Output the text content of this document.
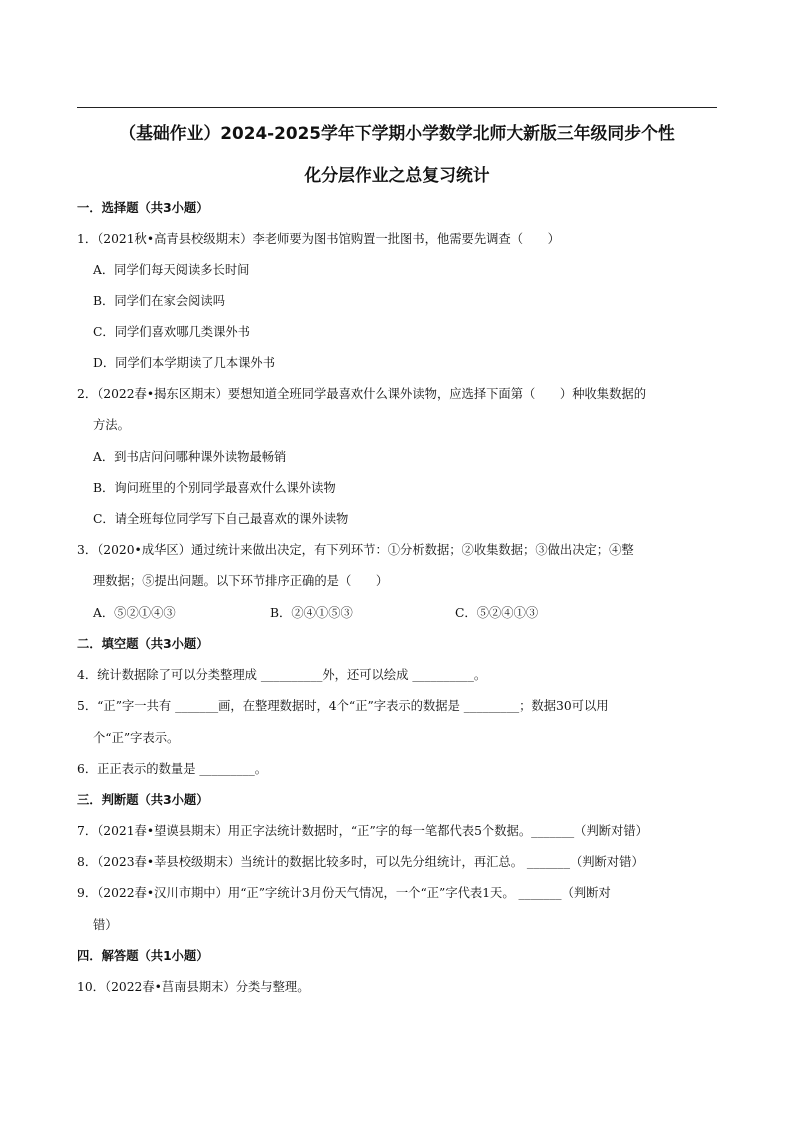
（基础作业）2024-2025学年下学期小学数学北师大新版三年级同步个性
化分层作业之总复习统计
一．选择题（共3小题）
1．（2021秋•高青县校级期末）李老师要为图书馆购置一批图书，他需要先调查（　　）
A．同学们每天阅读多长时间
B．同学们在家会阅读吗
C．同学们喜欢哪几类课外书
D．同学们本学期读了几本课外书
2．（2022春•揭东区期末）要想知道全班同学最喜欢什么课外读物，应选择下面第（　　）种收集数据的
方法。
A．到书店问问哪种课外读物最畅销
B．询问班里的个别同学最喜欢什么课外读物
C．请全班每位同学写下自己最喜欢的课外读物
3．（2020•成华区）通过统计来做出决定，有下列环节：①分析数据；②收集数据；③做出决定；④整
理数据；⑤提出问题。以下环节排序正确的是（　　）
A．⑤②①④③	B．②④①⑤③	C．⑤②④①③
二．填空题（共3小题）
4．统计数据除了可以分类整理成 __________外，还可以绘成 __________。
5．“正”字一共有 _______画，在整理数据时，4个“正”字表示的数据是 _________；数据30可以用
个“正”字表示。
6．正正表示的数量是 _________。
三．判断题（共3小题）
7．（2021春•望谟县期末）用正字法统计数据时，“正”字的每一笔都代表5个数据。_______（判断对错）
8．（2023春•莘县校级期末）当统计的数据比较多时，可以先分组统计，再汇总。 _______（判断对错）
9．（2022春•汉川市期中）用“正”字统计3月份天气情况，一个“正”字代表1天。 _______（判断对
错）
四．解答题（共1小题）
10．（2022春•莒南县期末）分类与整理。
